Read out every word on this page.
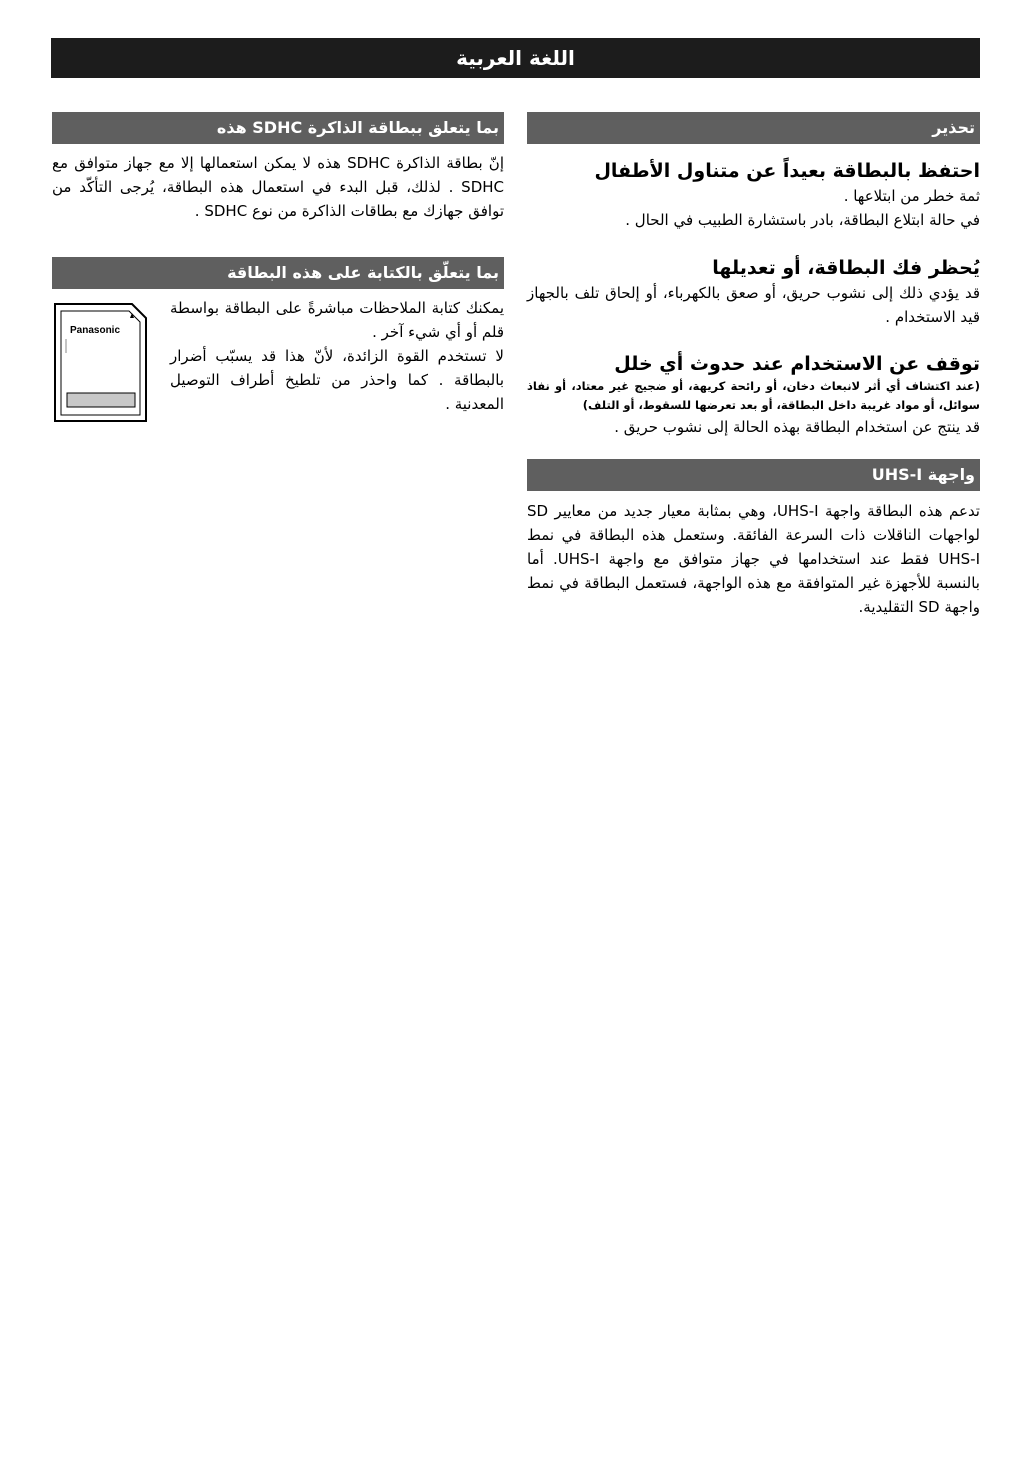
اللغة العربية
تحذير
احتفظ بالبطاقة بعيداً عن متناول الأطفال

ثمة خطر من ابتلاعها .

في حالة ابتلاع البطاقة، بادر باستشارة الطبيب في الحال .

يُحظر فك البطاقة، أو تعديلها

قد يؤدي ذلك إلى نشوب حريق، أو صعق بالكهرباء، أو إلحاق تلف بالجهاز قيد الاستخدام .

توقف عن الاستخدام عند حدوث أي خلل

(عند اكتشاف أي أثر لانبعاث دخان، أو رائحة كريهة، أو ضجيج غير معتاد، أو نفاذ سوائل، أو مواد غريبة داخل البطاقة، أو بعد تعرضها للسقوط، أو التلف)

قد ينتج عن استخدام البطاقة بهذه الحالة إلى نشوب حريق .

واجهة UHS-I

تدعم هذه البطاقة واجهة UHS-I، وهي بمثابة معيار جديد من معايير SD لواجهات الناقلات ذات السرعة الفائقة. وستعمل هذه البطاقة في نمط UHS-I فقط عند استخدامها في جهاز متوافق مع واجهة UHS-I. أما بالنسبة للأجهزة غير المتوافقة مع هذه الواجهة، فستعمل البطاقة في نمط واجهة SD التقليدية.

بما يتعلق ببطاقة الذاكرة SDHC هذه

إنّ بطاقة الذاكرة SDHC هذه لا يمكن استعمالها إلا مع جهاز متوافق مع SDHC . لذلك، قبل البدء في استعمال هذه البطاقة، يُرجى التأكّد من توافق جهازك مع بطاقات الذاكرة من نوع SDHC .

بما يتعلّق بالكتابة على هذه البطاقة

يمكنك كتابة الملاحظات مباشرةً على البطاقة بواسطة قلم أو أي شيء آخر .

لا تستخدم القوة الزائدة، لأنّ هذا قد يسبّب أضرار بالبطاقة . كما واحذر من تلطيخ أطراف التوصيل المعدنية .

Panasonic
